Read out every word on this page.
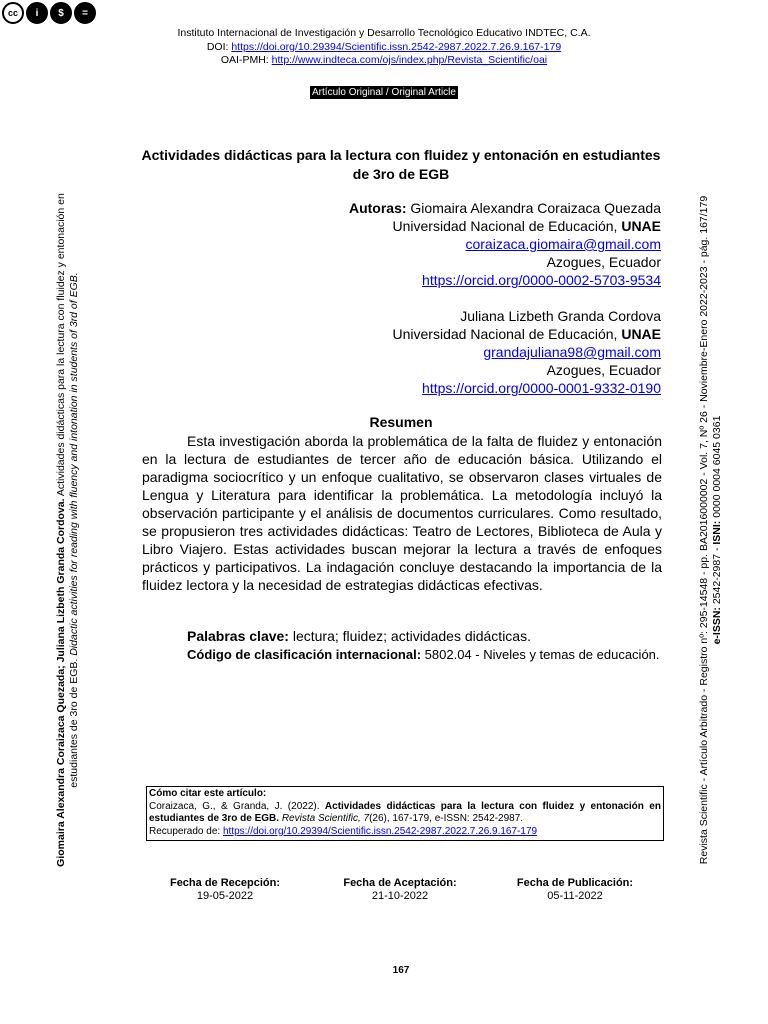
cc	i	$	=
Instituto Internacional de Investigación y Desarrollo Tecnológico Educativo INDTEC, C.A.
DOI: https://doi.org/10.29394/Scientific.issn.2542-2987.2022.7.26.9.167-179
OAI-PMH: http://www.indteca.com/ojs/index.php/Revista_Scientific/oai
Artículo Original / Original Article
Actividades didácticas para la lectura con fluidez y entonación en estudiantes de 3ro de EGB
Autoras: Giomaira Alexandra Coraizaca Quezada
Universidad Nacional de Educación, UNAE
coraizaca.giomaira@gmail.com
Azogues, Ecuador
https://orcid.org/0000-0002-5703-9534
Juliana Lizbeth Granda Cordova
Universidad Nacional de Educación, UNAE
grandajuliana98@gmail.com
Azogues, Ecuador
https://orcid.org/0000-0001-9332-0190
Resumen

Esta investigación aborda la problemática de la falta de fluidez y entonación en la lectura de estudiantes de tercer año de educación básica. Utilizando el paradigma sociocrítico y un enfoque cualitativo, se observaron clases virtuales de Lengua y Literatura para identificar la problemática. La metodología incluyó la observación participante y el análisis de documentos curriculares. Como resultado, se propusieron tres actividades didácticas: Teatro de Lectores, Biblioteca de Aula y Libro Viajero. Estas actividades buscan mejorar la lectura a través de enfoques prácticos y participativos. La indagación concluye destacando la importancia de la fluidez lectora y la necesidad de estrategias didácticas efectivas.

Palabras clave: lectura; fluidez; actividades didácticas.

Código de clasificación internacional: 5802.04 - Niveles y temas de educación.

Cómo citar este artículo:
Coraizaca, G., & Granda, J. (2022). Actividades didácticas para la lectura con fluidez y entonación en estudiantes de 3ro de EGB. Revista Scientific, 7(26), 167-179, e-ISSN: 2542-2987.
Recuperado de: https://doi.org/10.29394/Scientific.issn.2542-2987.2022.7.26.9.167-179
Fecha de Recepción:
19-05-2022
Fecha de Aceptación:
21-10-2022
Fecha de Publicación:
05-11-2022
167
Giomaira Alexandra Coraizaca Quezada; Juliana Lizbeth Granda Cordova. Actividades didácticas para la lectura con fluidez y entonación en
estudiantes de 3ro de EGB. Didactic activities for reading with fluency and intonation in students of 3rd of EGB.	Revista Scientific - Artículo Arbitrado - Registro nº: 295-14548 - pp. BA2016000002 - Vol. 7, Nº 26 - Noviembre-Enero 2022-2023 - pág. 167/179 e-ISSN: 2542-2987 - ISNI: 0000 0004 6045 0361
